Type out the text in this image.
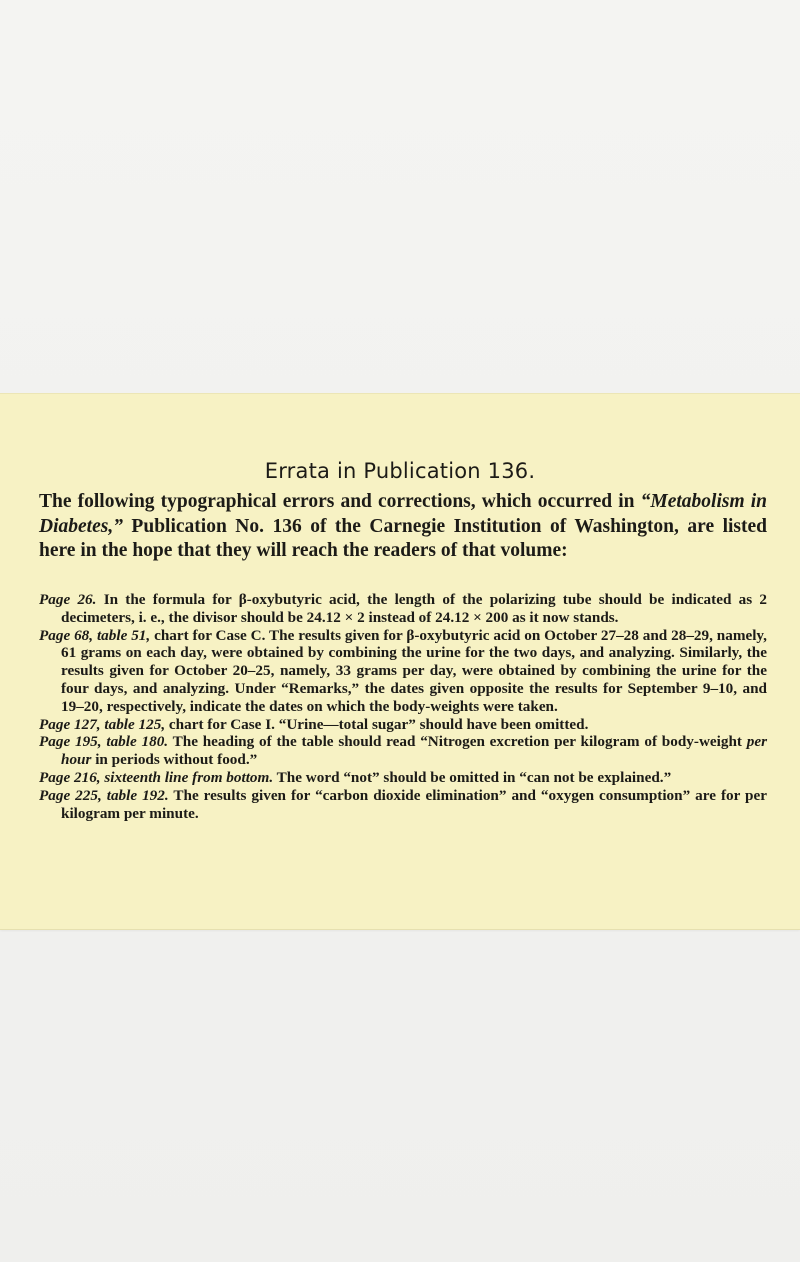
Errata in Publication 136.

The following typographical errors and corrections, which occurred in “Metabolism in Diabetes,” Publication No. 136 of the Carnegie Institution of Washington, are listed here in the hope that they will reach the readers of that volume:

Page 26. In the formula for β-oxybutyric acid, the length of the polarizing tube should be indicated as 2 decimeters, i. e., the divisor should be 24.12 × 2 instead of 24.12 × 200 as it now stands.
Page 68, table 51, chart for Case C. The results given for β-oxybutyric acid on October 27–28 and 28–29, namely, 61 grams on each day, were obtained by combining the urine for the two days, and analyzing. Similarly, the results given for October 20–25, namely, 33 grams per day, were obtained by combining the urine for the four days, and analyzing. Under “Remarks,” the dates given opposite the results for September 9–10, and 19–20, respectively, indicate the dates on which the body-weights were taken.
Page 127, table 125, chart for Case I. “Urine—total sugar” should have been omitted.
Page 195, table 180. The heading of the table should read “Nitrogen excretion per kilogram of body-weight per hour in periods without food.”
Page 216, sixteenth line from bottom. The word “not” should be omitted in “can not be explained.”
Page 225, table 192. The results given for “carbon dioxide elimination” and “oxygen consumption” are for per kilogram per minute.
